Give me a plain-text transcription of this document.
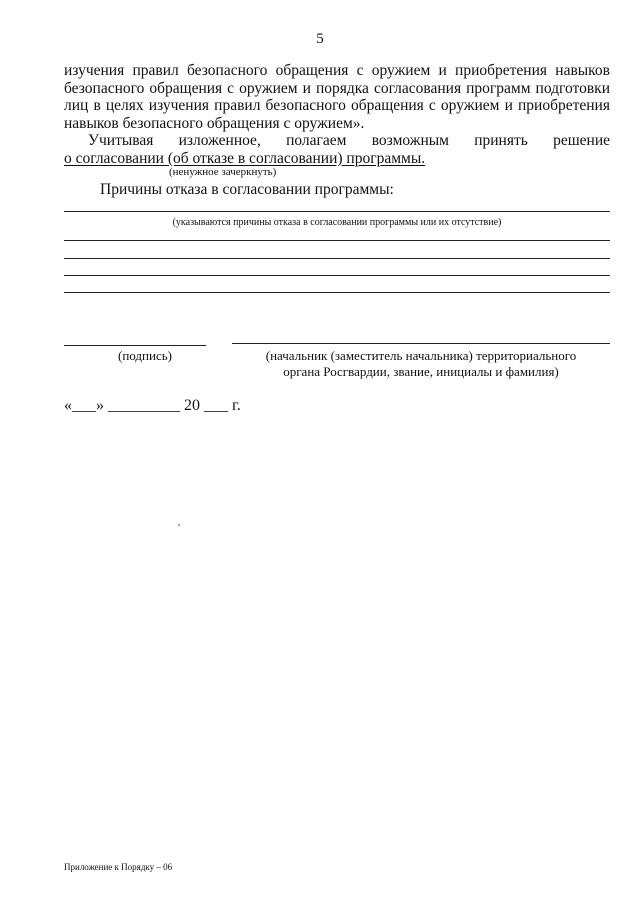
5
изучения правил безопасного обращения с оружием и приобретения навыков
безопасного обращения с оружием и порядка согласования программ подготовки
лиц в целях изучения правил безопасного обращения с оружием и приобретения
навыков безопасного обращения с оружием».
Учитывая изложенное, полагаем возможным принять решение
о согласовании (об отказе в согласовании) программы.
(ненужное зачеркнуть)
Причины отказа в согласовании программы:
(указываются причины отказа в согласовании программы или их отсутствие)
(подпись)	(начальник (заместитель начальника) территориального
органа Росгвардии, звание, инициалы и фамилия)
«___» _________ 20 ___ г.
Приложение к Порядку – 06
